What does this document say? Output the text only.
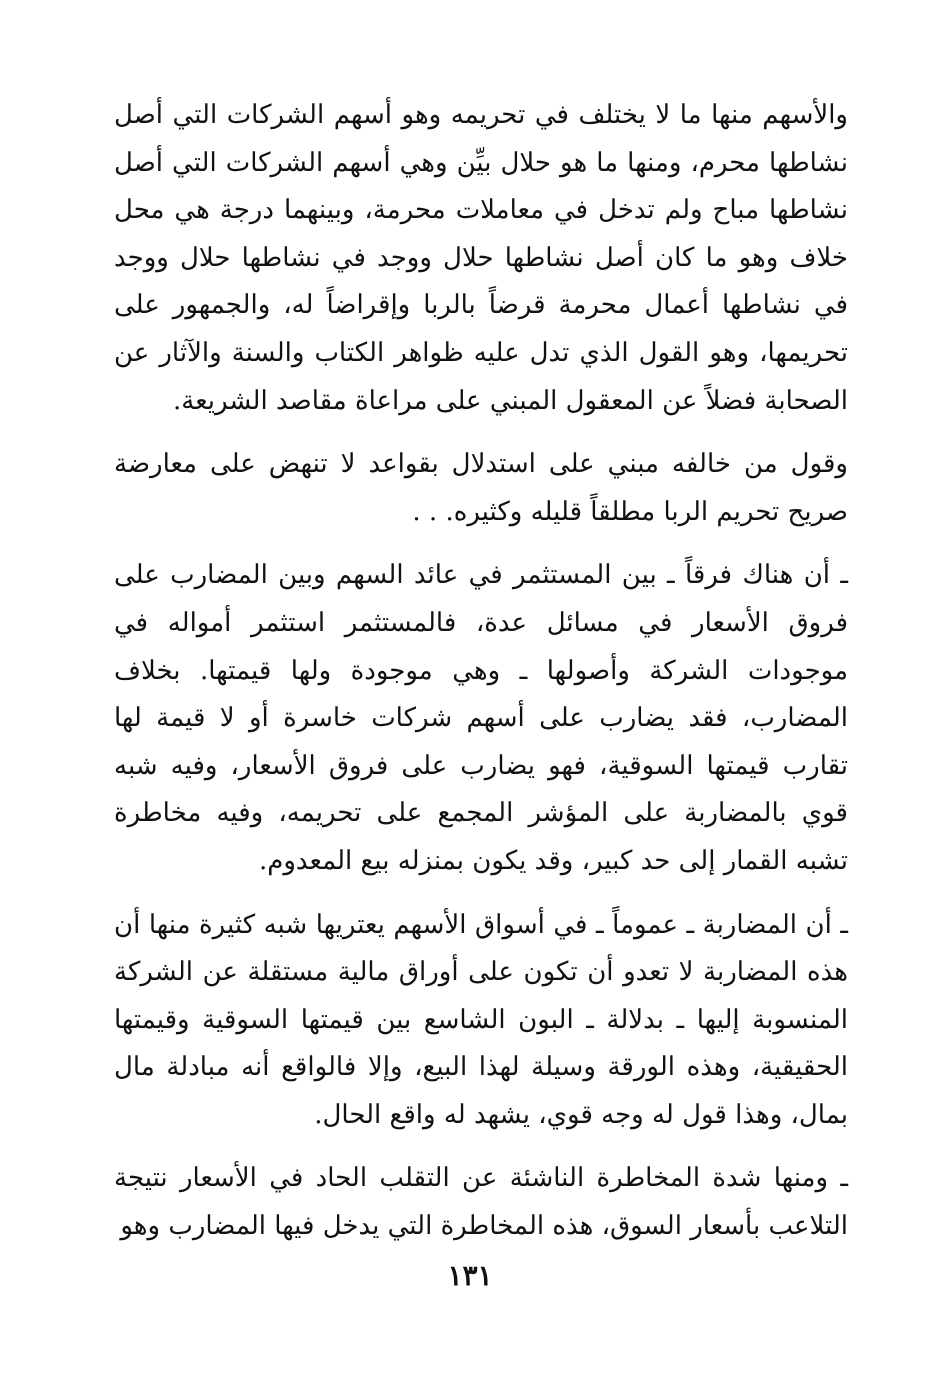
والأسهم منها ما لا يختلف في تحريمه وهو أسهم الشركات التي أصل نشاطها محرم، ومنها ما هو حلال بيِّن وهي أسهم الشركات التي أصل نشاطها مباح ولم تدخل في معاملات محرمة، وبينهما درجة هي محل خلاف وهو ما كان أصل نشاطها حلال ووجد في نشاطها حلال ووجد في نشاطها أعمال محرمة قرضاً بالربا وإقراضاً له، والجمهور على تحريمها، وهو القول الذي تدل عليه ظواهر الكتاب والسنة والآثار عن الصحابة فضلاً عن المعقول المبني على مراعاة مقاصد الشريعة.

وقول من خالفه مبني على استدلال بقواعد لا تنهض على معارضة صريح تحريم الربا مطلقاً قليله وكثيره. . .

ـ أن هناك فرقاً ـ بين المستثمر في عائد السهم وبين المضارب على فروق الأسعار في مسائل عدة، فالمستثمر استثمر أمواله في موجودات الشركة وأصولها ـ وهي موجودة ولها قيمتها. بخلاف المضارب، فقد يضارب على أسهم شركات خاسرة أو لا قيمة لها تقارب قيمتها السوقية، فهو يضارب على فروق الأسعار، وفيه شبه قوي بالمضاربة على المؤشر المجمع على تحريمه، وفيه مخاطرة تشبه القمار إلى حد كبير، وقد يكون بمنزله بيع المعدوم.

ـ أن المضاربة ـ عموماً ـ في أسواق الأسهم يعتريها شبه كثيرة منها أن هذه المضاربة لا تعدو أن تكون على أوراق مالية مستقلة عن الشركة المنسوبة إليها ـ بدلالة ـ البون الشاسع بين قيمتها السوقية وقيمتها الحقيقية، وهذه الورقة وسيلة لهذا البيع، وإلا فالواقع أنه مبادلة مال بمال، وهذا قول له وجه قوي، يشهد له واقع الحال.

ـ ومنها شدة المخاطرة الناشئة عن التقلب الحاد في الأسعار نتيجة التلاعب بأسعار السوق، هذه المخاطرة التي يدخل فيها المضارب وهو

١٣١
